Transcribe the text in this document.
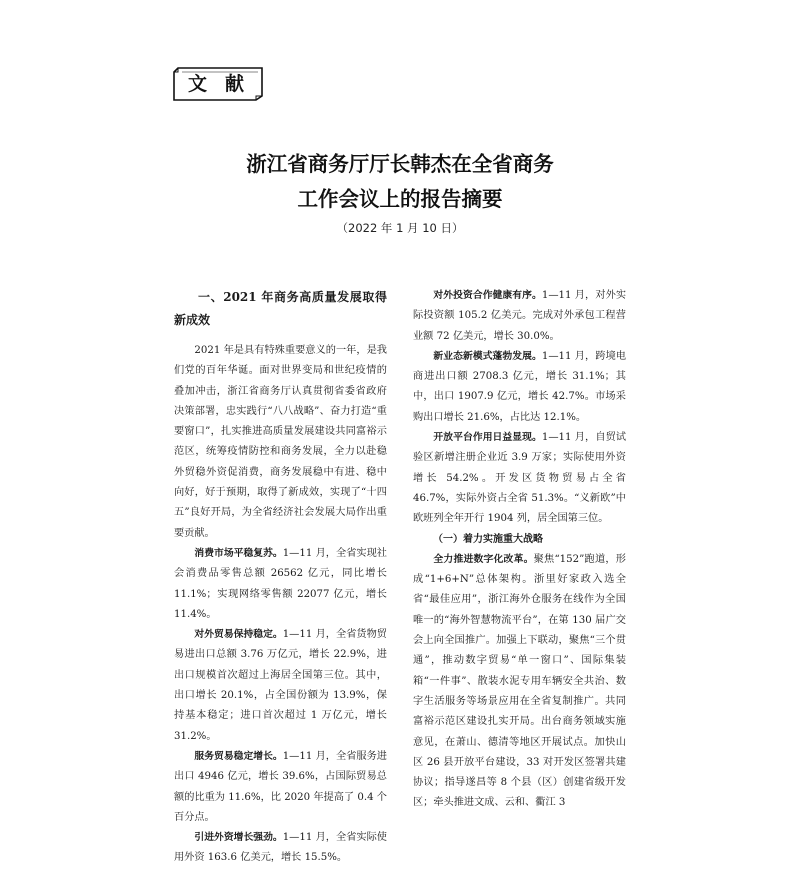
文献
浙江省商务厅厅长韩杰在全省商务
工作会议上的报告摘要
（2022 年 1 月 10 日）
一、2021 年商务高质量发展取得新成效

2021 年是具有特殊重要意义的一年，是我们党的百年华诞。面对世界变局和世纪疫情的叠加冲击，浙江省商务厅认真贯彻省委省政府决策部署，忠实践行“八八战略”、奋力打造“重要窗口”，扎实推进高质量发展建设共同富裕示范区，统筹疫情防控和商务发展，全力以赴稳外贸稳外资促消费，商务发展稳中有进、稳中向好，好于预期，取得了新成效，实现了“十四五”良好开局，为全省经济社会发展大局作出重要贡献。

消费市场平稳复苏。1—11 月，全省实现社会消费品零售总额 26562 亿元，同比增长 11.1%；实现网络零售额 22077 亿元，增长 11.4%。

对外贸易保持稳定。1—11 月，全省货物贸易进出口总额 3.76 万亿元，增长 22.9%，进出口规模首次超过上海居全国第三位。其中，出口增长 20.1%，占全国份额为 13.9%，保持基本稳定；进口首次超过 1 万亿元，增长 31.2%。

服务贸易稳定增长。1—11 月，全省服务进出口 4946 亿元，增长 39.6%，占国际贸易总额的比重为 11.6%，比 2020 年提高了 0.4 个百分点。

引进外资增长强劲。1—11 月，全省实际使用外资 163.6 亿美元，增长 15.5%。

对外投资合作健康有序。1—11 月，对外实际投资额 105.2 亿美元。完成对外承包工程营业额 72 亿美元，增长 30.0%。

新业态新模式蓬勃发展。1—11 月，跨境电商进出口额 2708.3 亿元，增长 31.1%；其中，出口 1907.9 亿元，增长 42.7%。市场采购出口增长 21.6%，占比达 12.1%。

开放平台作用日益显现。1—11 月，自贸试验区新增注册企业近 3.9 万家；实际使用外资增长 54.2%。开发区货物贸易占全省 46.7%，实际外资占全省 51.3%。“义新欧”中欧班列全年开行 1904 列，居全国第三位。

（一）着力实施重大战略

全力推进数字化改革。聚焦“152”跑道，形成“1+6+N”总体架构。浙里好家政入选全省“最佳应用”，浙江海外仓服务在线作为全国唯一的“海外智慧物流平台”，在第 130 届广交会上向全国推广。加强上下联动，聚焦“三个贯通”，推动数字贸易“单一窗口”、国际集装箱“一件事”、散装水泥专用车辆安全共治、数字生活服务等场景应用在全省复制推广。共同富裕示范区建设扎实开局。出台商务领域实施意见，在萧山、德清等地区开展试点。加快山区 26 县开放平台建设，33 对开发区签署共建协议；指导遂昌等 8 个县（区）创建省级开发区；牵头推进文成、云和、衢江 3
